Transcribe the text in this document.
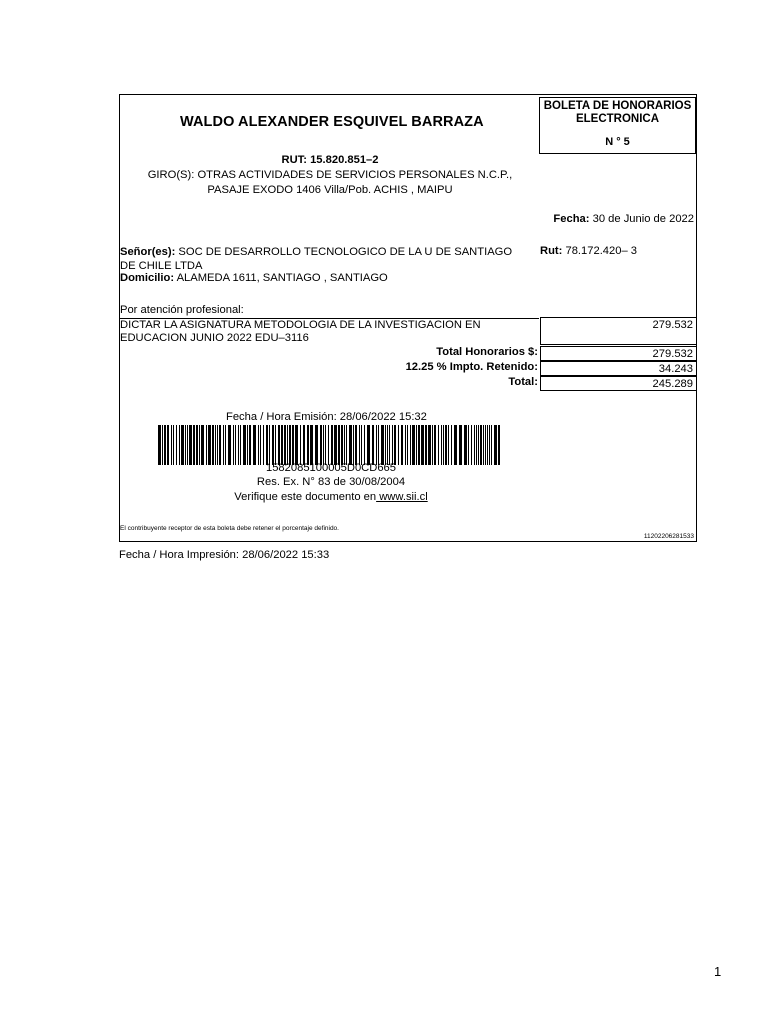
WALDO ALEXANDER ESQUIVEL BARRAZA
BOLETA DE HONORARIOS
ELECTRONICA
N ° 5
RUT: 15.820.851–2
GIRO(S): OTRAS ACTIVIDADES DE SERVICIOS PERSONALES N.C.P.,
PASAJE EXODO 1406 Villa/Pob. ACHIS , MAIPU
Fecha: 30 de Junio de 2022
Señor(es): SOC DE DESARROLLO TECNOLOGICO DE LA U DE SANTIAGO
DE CHILE LTDA
Rut: 78.172.420– 3
Domicilio: ALAMEDA 1611, SANTIAGO , SANTIAGO
Por atención profesional:
DICTAR LA ASIGNATURA METODOLOGIA DE LA INVESTIGACION EN
EDUCACION JUNIO 2022 EDU–3116
279.532
Total Honorarios $:	279.532
12.25 % Impto. Retenido:	34.243
Total:	245.289
Fecha / Hora Emisión: 28/06/2022 15:32
1582085100005D0CD665
Res. Ex. N° 83 de 30/08/2004
Verifique este documento en www.sii.cl
El contribuyente receptor de esta boleta debe retener el porcentaje definido.
11202206281533
Fecha / Hora Impresión: 28/06/2022 15:33
1
